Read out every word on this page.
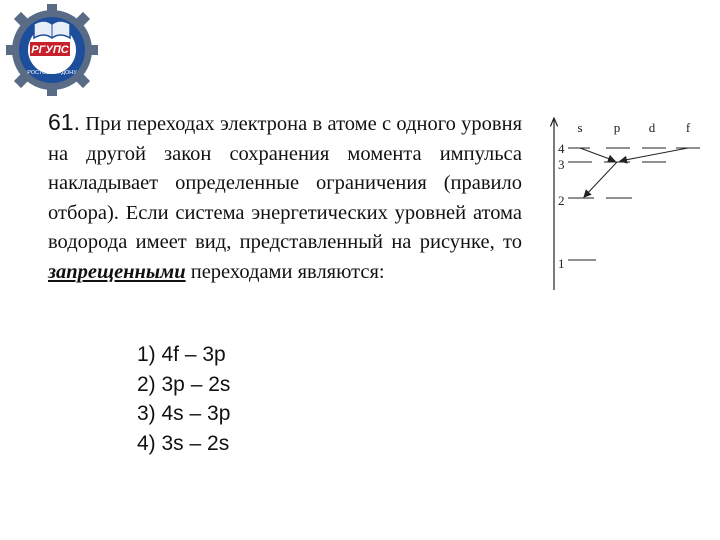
РГУПС
РОСТОВ-НА-ДОНУ
61. При переходах электрона в атоме с одного уровня на другой закон сохранения момента импульса накладывает определенные ограничения (правило отбора). Если система энергетических уровней атома водорода имеет вид, представленный на рисунке, то запрещенными переходами являются:
1) 4f – 3p
2) 3p – 2s
3) 4s – 3p
4) 3s – 2s
s p d f
4
3
2
1
